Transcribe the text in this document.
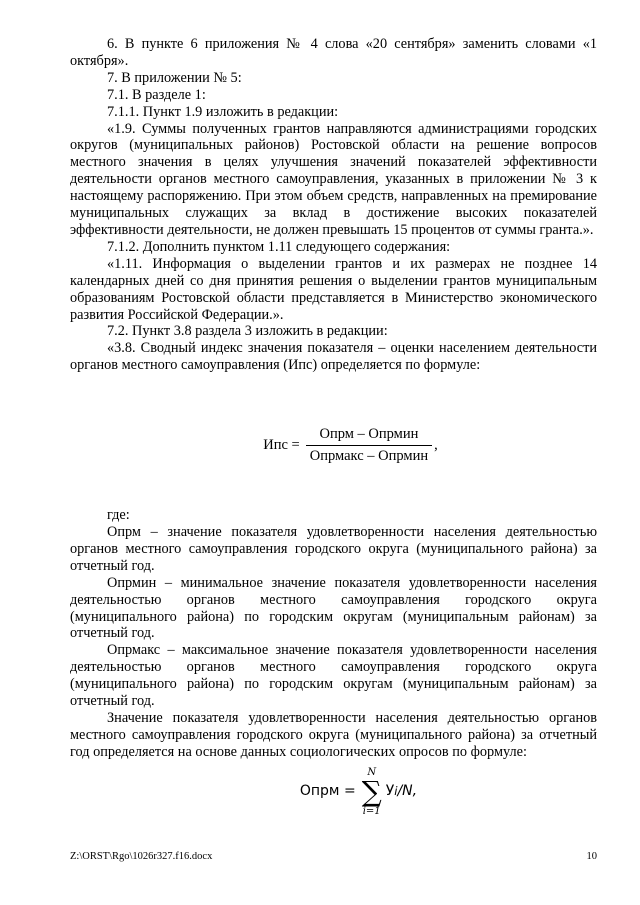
6. В пункте 6 приложения № 4 слова «20 сентября» заменить словами «1 октября».

7. В приложении № 5:

7.1. В разделе 1:

7.1.1. Пункт 1.9 изложить в редакции:

«1.9. Суммы полученных грантов направляются администрациями городских округов (муниципальных районов) Ростовской области на решение вопросов местного значения в целях улучшения значений показателей эффективности деятельности органов местного самоуправления, указанных в приложении № 3 к настоящему распоряжению. При этом объем средств, направленных на премирование муниципальных служащих за вклад в достижение высоких показателей эффективности деятельности, не должен превышать 15 процентов от суммы гранта.».

7.1.2. Дополнить пунктом 1.11 следующего содержания:

«1.11. Информация о выделении грантов и их размерах не позднее 14 календарных дней со дня принятия решения о выделении грантов муниципальным образованиям Ростовской области представляется в Министерство экономического развития Российской Федерации.».

7.2. Пункт 3.8 раздела 3 изложить в редакции:

«3.8. Сводный индекс значения показателя – оценки населением деятельности органов местного самоуправления (Ипс) определяется по формуле:

Ипс = $\frac{\text{Опрм – Опрмин}}{\text{Опрмакс – Опрмин}}$ ,

где:

Опрм – значение показателя удовлетворенности населения деятельностью органов местного самоуправления городского округа (муниципального района) за отчетный год.

Опрмин – минимальное значение показателя удовлетворенности населения деятельностью органов местного самоуправления городского округа (муниципального района) по городским округам (муниципальным районам) за отчетный год.

Опрмакс – максимальное значение показателя удовлетворенности населения деятельностью органов местного самоуправления городского округа (муниципального района) по городским округам (муниципальным районам) за отчетный год.

Значение показателя удовлетворенности населения деятельностью органов местного самоуправления городского округа (муниципального района) за отчетный год определяется на основе данных социологических опросов по формуле:

Опрм =
N
∑
i=1
У i /N,
Z:\ORST\Rgo\1026r327.f16.docx	10
